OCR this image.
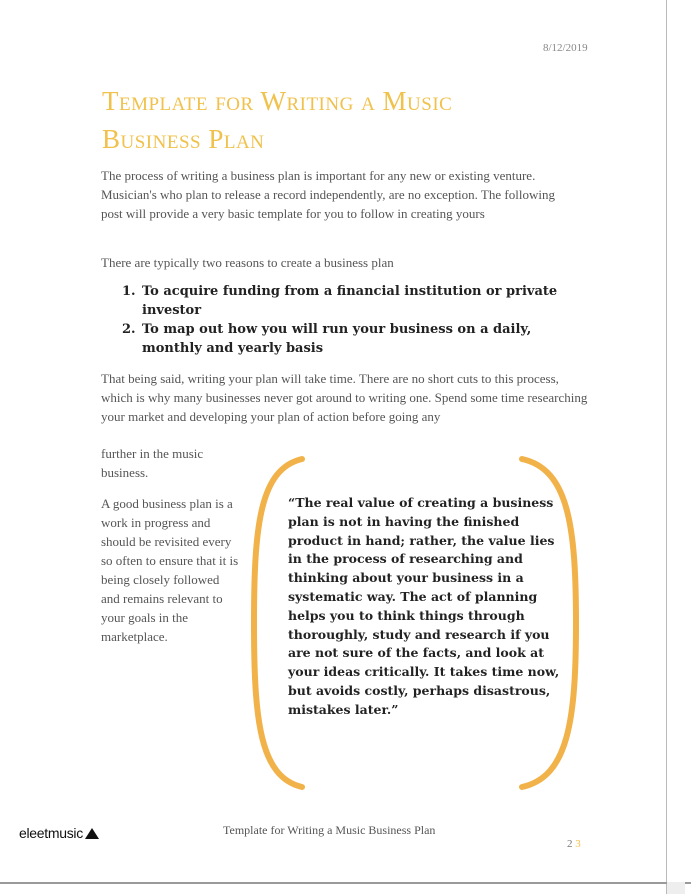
8/12/2019
Template for Writing a Music Business Plan

The process of writing a business plan is important for any new or existing venture. Musician's who plan to release a record independently, are no exception. The following post will provide a very basic template for you to follow in creating yours

There are typically two reasons to create a business plan

1. To acquire funding from a financial institution or private investor
2. To map out how you will run your business on a daily, monthly and yearly basis

That being said, writing your plan will take time. There are no short cuts to this process, which is why many businesses never got around to writing one. Spend some time researching your market and developing your plan of action before going any

further in the music business.

A good business plan is a work in progress and should be revisited every so often to ensure that it is being closely followed and remains relevant to your goals in the marketplace.

“The real value of creating a business plan is not in having the finished product in hand; rather, the value lies in the process of researching and thinking about your business in a systematic way. The act of planning helps you to think things through thoroughly, study and research if you are not sure of the facts, and look at your ideas critically. It takes time now, but avoids costly, perhaps disastrous, mistakes later.”

eleetmusic	Template for Writing a Music Business Plan
2 3
